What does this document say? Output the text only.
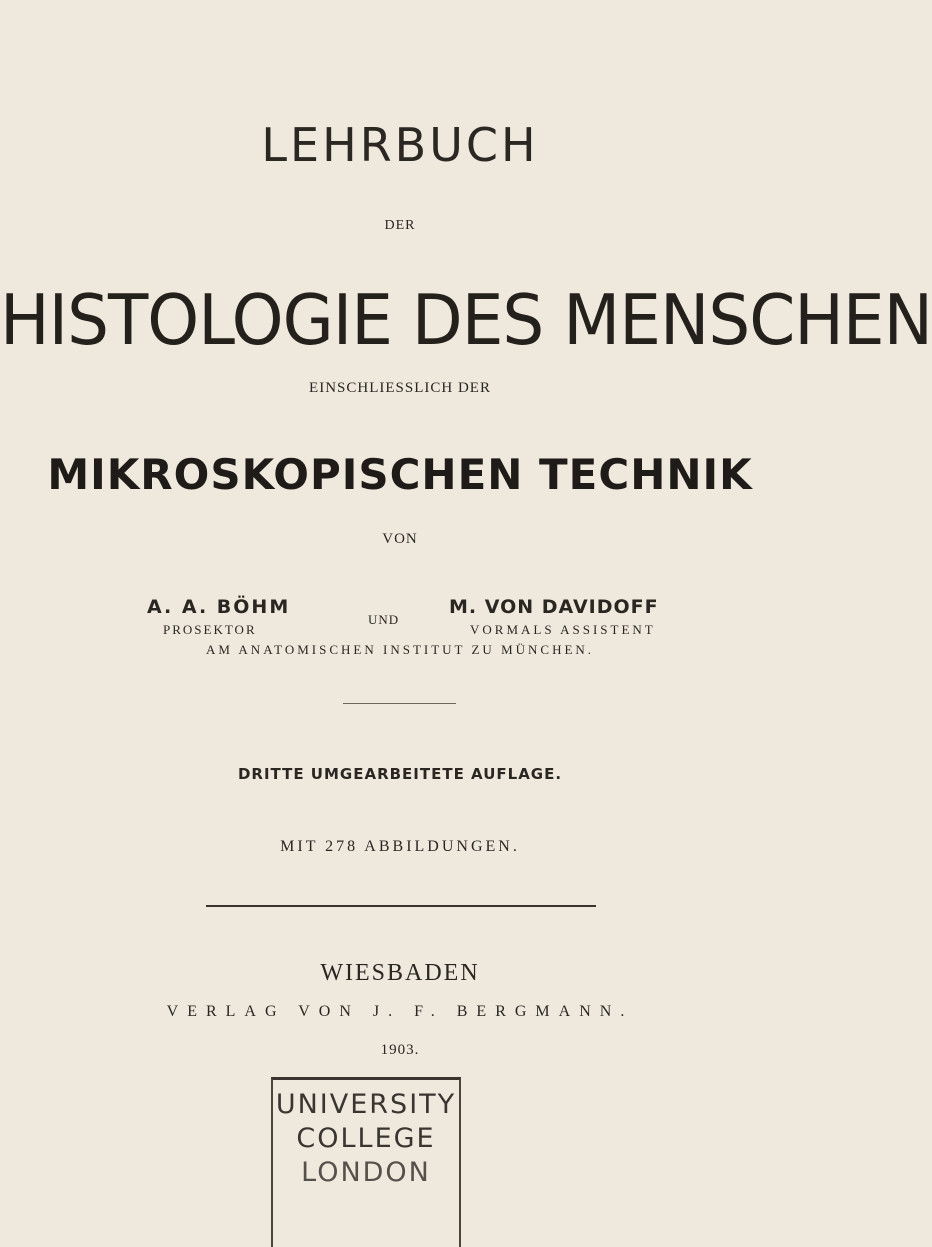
LEHRBUCH
DER
HISTOLOGIE DES MENSCHEN
EINSCHLIESSLICH DER
MIKROSKOPISCHEN TECHNIK
VON
A. A. BÖHM
PROSEKTOR
UND
M. VON DAVIDOFF
VORMALS ASSISTENT
AM ANATOMISCHEN INSTITUT ZU MÜNCHEN.
DRITTE UMGEARBEITETE AUFLAGE.
MIT 278 ABBILDUNGEN.
WIESBADEN
VERLAG VON J. F. BERGMANN.
1903.
UNIVERSITY
COLLEGE
LONDON
